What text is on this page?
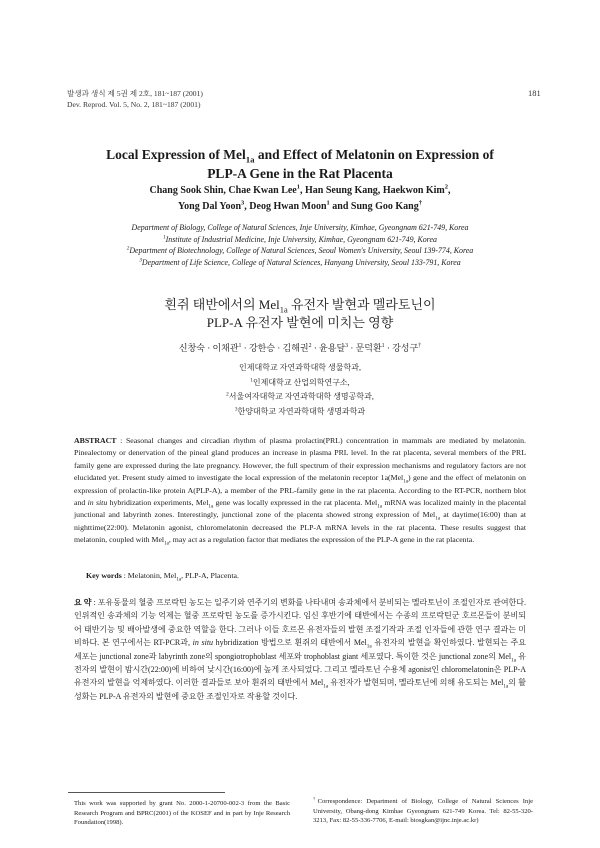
발생과 생식 제 5권 제 2호, 181~187 (2001)
Dev. Reprod. Vol. 5, No. 2, 181~187 (2001)
181
Local Expression of Mel$_{1a}$ and Effect of Melatonin on Expression of
PLP-A Gene in the Rat Placenta
Chang Sook Shin, Chae Kwan Lee$^1$, Han Seung Kang, Haekwon Kim$^2$,
Yong Dal Yoon$^3$, Deog Hwan Moon$^1$ and Sung Goo Kang†
Department of Biology, College of Natural Sciences, Inje University, Kimhae, Gyeongnam 621-749, Korea
$^1$Institute of Industrial Medicine, Inje University, Kimhae, Gyeongnam 621-749, Korea
$^2$Department of Biotechnology, College of Natural Sciences, Seoul Women's University, Seoul 139-774, Korea
$^3$Department of Life Science, College of Natural Sciences, Hanyang University, Seoul 133-791, Korea
흰쥐 태반에서의 Mel$_{1a}$ 유전자 발현과 멜라토닌이
PLP-A 유전자 발현에 미치는 영향
신창숙 · 이채관$^1$ · 강한승 · 김해권$^2$ · 윤용달$^3$ · 문덕환$^1$ · 강성구†
인제대학교 자연과학대학 생물학과,
$^1$인제대학교 산업의학연구소,
$^2$서울여자대학교 자연과학대학 생명공학과,
$^3$한양대학교 자연과학대학 생명과학과
ABSTRACT : Seasonal changes and circadian rhythm of plasma prolactin(PRL) concentration in mammals are mediated by melatonin. Pinealectomy or denervation of the pineal gland produces an increase in plasma PRL level. In the rat placenta, several members of the PRL family gene are expressed during the late pregnancy. However, the full spectrum of their expression mechanisms and regulatory factors are not elucidated yet. Present study aimed to investigate the local expression of the melatonin receptor 1a(Mel$_{1a}$) gene and the effect of melatonin on expression of prolactin-like protein A(PLP-A), a member of the PRL-family gene in the rat placenta. According to the RT-PCR, northern blot and in situ hybridization experiments, Mel$_{1a}$ gene was locally expressed in the rat placenta. Mel$_{1a}$ mRNA was localized mainly in the placental junctional and labyrinth zones. Interestingly, junctional zone of the placenta showed strong expression of Mel$_{1a}$ at daytime(16:00) than at nighttime(22:00). Melatonin agonist, chloromelatonin decreased the PLP-A mRNA levels in the rat placenta. These results suggest that melatonin, coupled with Mel$_{1a}$, may act as a regulation factor that mediates the expression of the PLP-A gene in the rat placenta.
Key words : Melatonin, Mel$_{1a}$, PLP-A, Placenta.
요 약 : 포유동물의 혈중 프로락틴 농도는 일주기와 연주기의 변화를 나타내며 송과체에서 분비되는 멜라토닌이 조절인자로 관여한다. 인위적인 송과체의 기능 억제는 혈중 프로락틴 농도를 증가시킨다. 임신 후반기에 태반에서는 수종의 프로락틴군 호르몬들이 분비되어 태반기능 및 배아발생에 중요한 역할을 한다. 그러나 이들 호르몬 유전자들의 발현 조절기작과 조절 인자들에 관한 연구 결과는 미비하다. 본 연구에서는 RT-PCR과, in situ hybridization 방법으로 흰쥐의 태반에서 Mel$_{1a}$ 유전자의 발현을 확인하였다. 발현되는 주요 세포는 junctional zone과 labyrinth zone의 spongiotrophoblast 세포와 trophoblast giant 세포였다. 특이한 것은 junctional zone의 Mel$_{1a}$ 유전자의 발현이 밤시간(22:00)에 비하여 낮시간(16:00)에 높게 조사되었다. 그리고 멜라토닌 수용체 agonist인 chloromelatonin은 PLP-A 유전자의 발현을 억제하였다. 이러한 결과들로 보아 흰쥐의 태반에서 Mel$_{1a}$ 유전자가 발현되며, 멜라토닌에 의해 유도되는 Mel$_{1a}$의 활성화는 PLP-A 유전자의 발현에 중요한 조절인자로 작용할 것이다.
This work was supported by grant No. 2000-1-20700-002-3 from the Basic Research Program and BPRC(2001) of the KOSEF and in part by Inje Research Foundation(1998).
†Correspondence: Department of Biology, College of Natural Sciences Inje University, Obang-dong Kimhae Gyeongnam 621-749 Korea. Tel: 82-55-320-3213, Fax: 82-55-336-7706, E-mail: biosgkan@ijnc.inje.ac.kr)
